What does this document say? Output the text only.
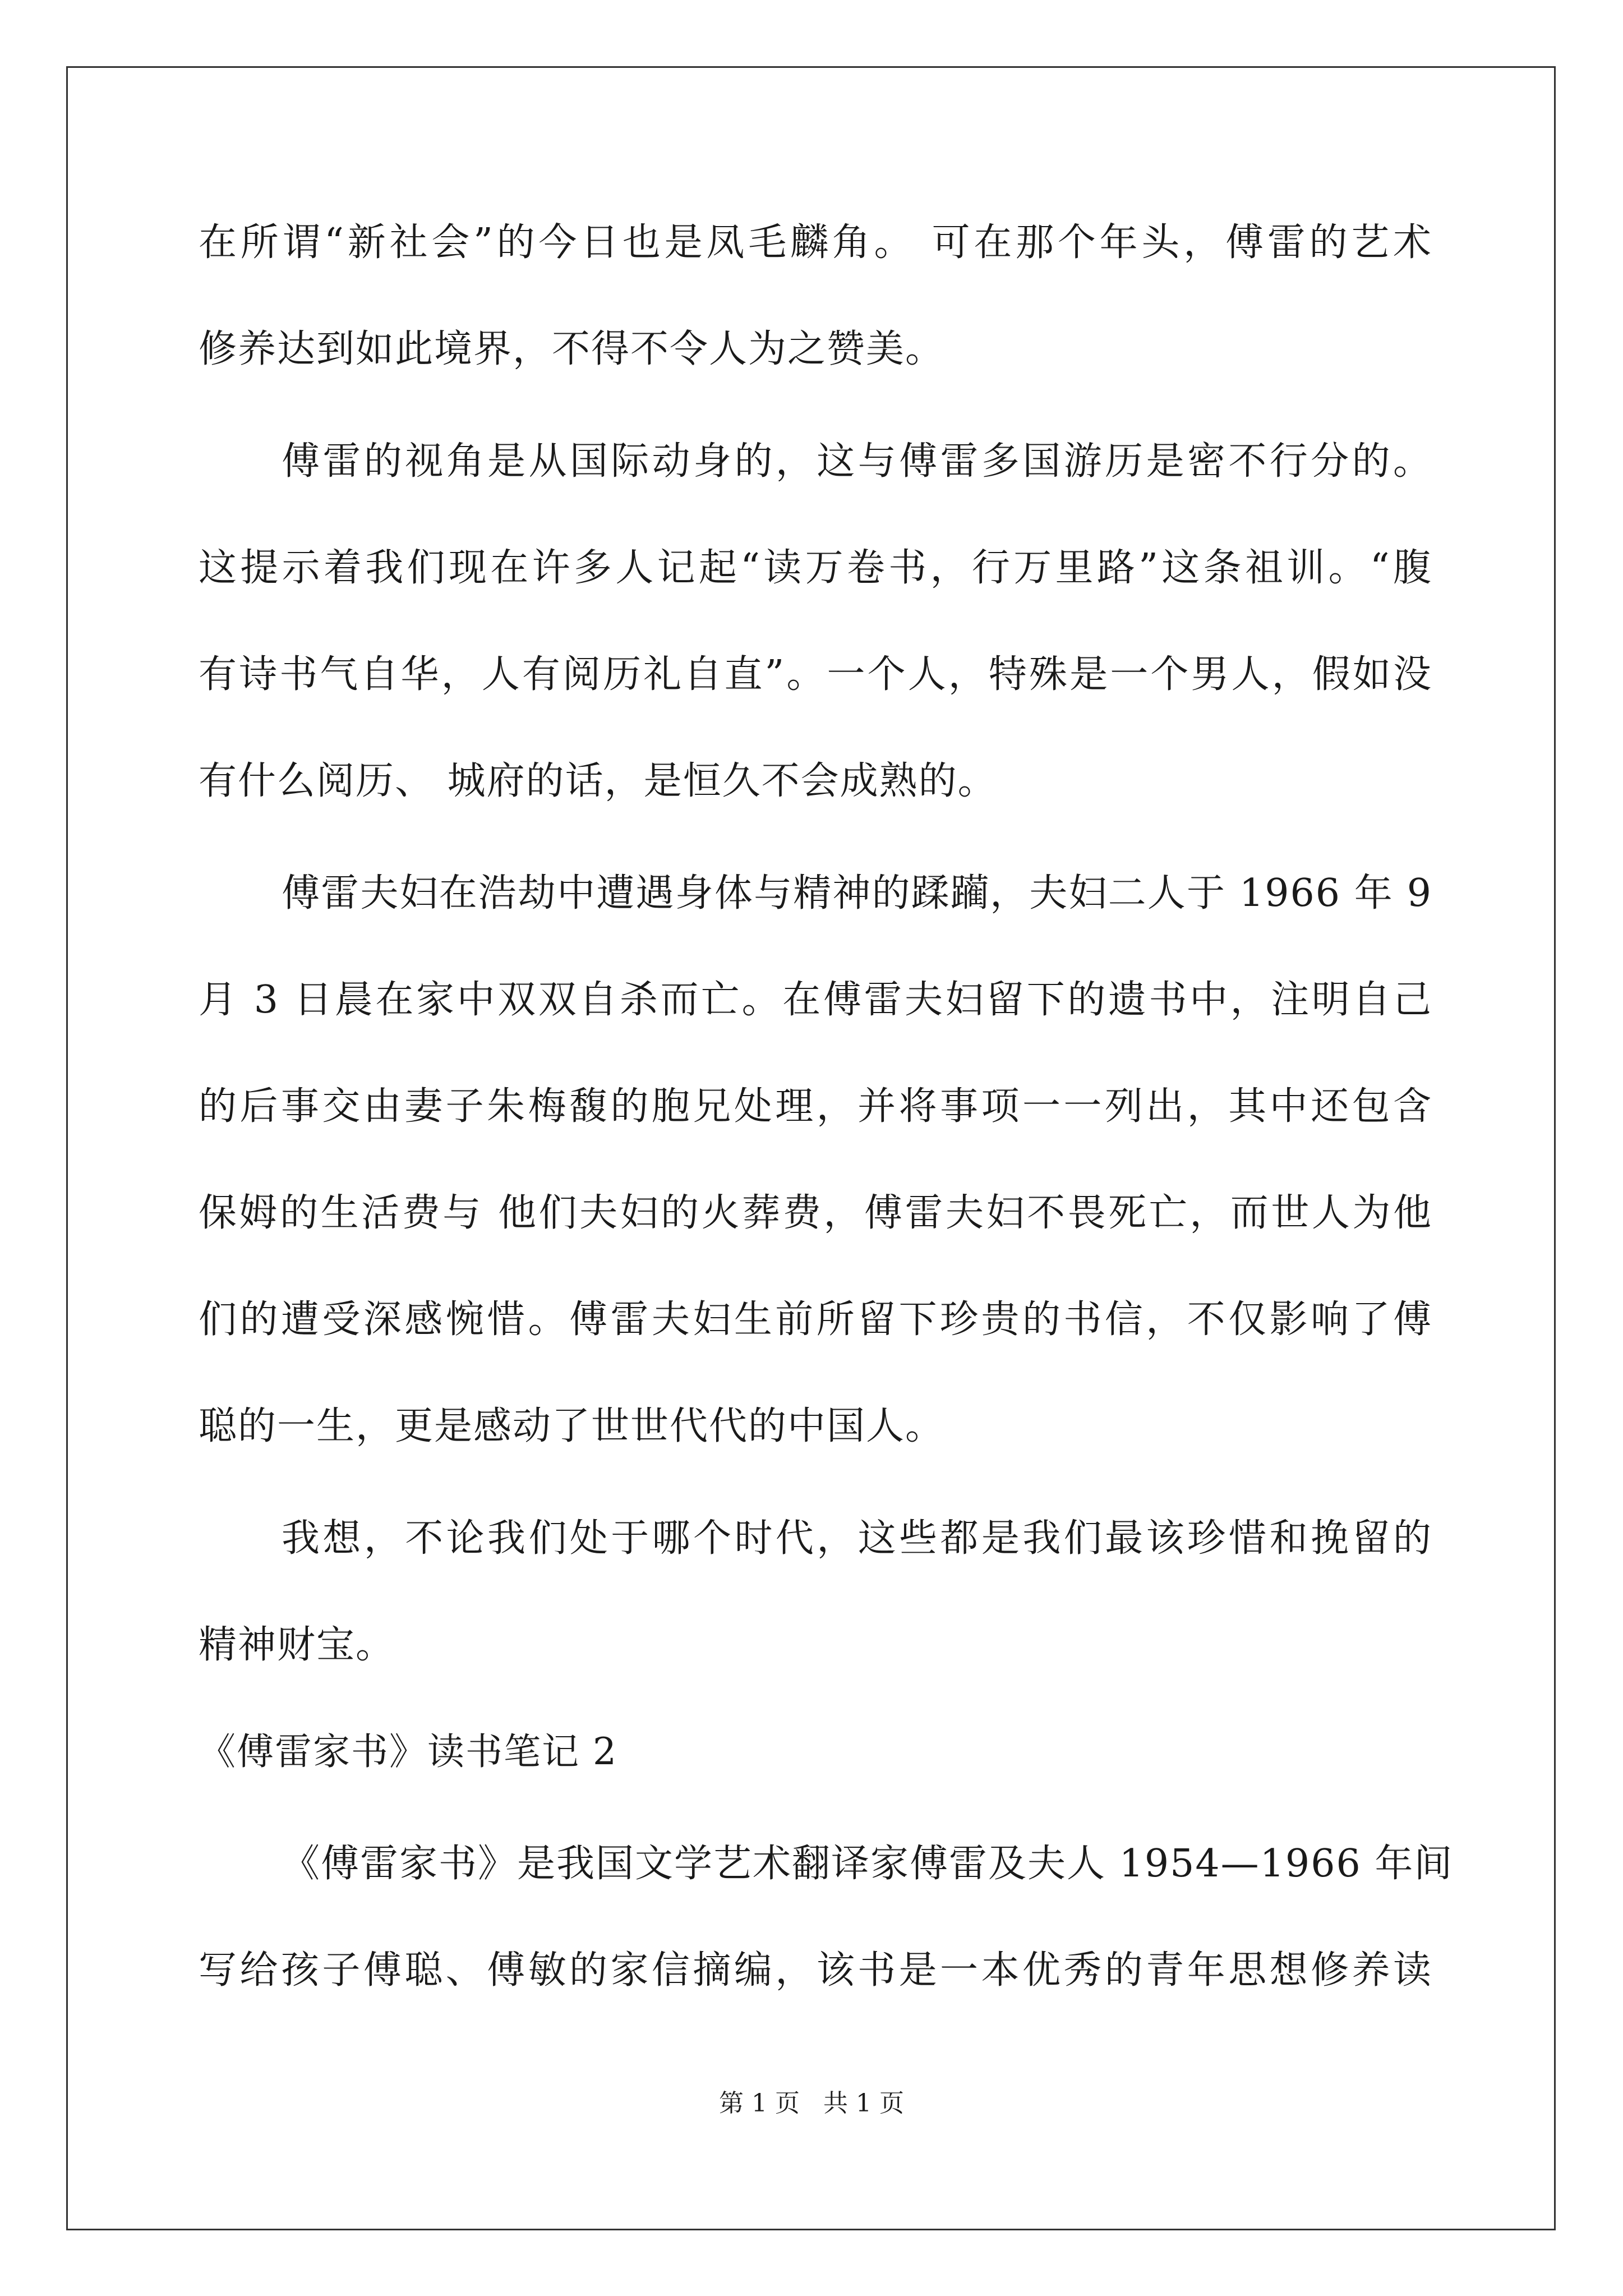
在所谓“新社会”的今日也是凤毛麟角。 可在那个年头，傅雷的艺术
修养达到如此境界，不得不令人为之赞美。
傅雷的视角是从国际动身的，这与傅雷多国游历是密不行分的。
这提示着我们现在许多人记起“读万卷书，行万里路”这条祖训。“腹
有诗书气自华，人有阅历礼自直”。一个人，特殊是一个男人，假如没
有什么阅历、 城府的话，是恒久不会成熟的。
傅雷夫妇在浩劫中遭遇身体与精神的蹂躏，夫妇二人于 1966 年 9
月 3 日晨在家中双双自杀而亡。在傅雷夫妇留下的遗书中，注明自己
的后事交由妻子朱梅馥的胞兄处理，并将事项一一列出，其中还包含
保姆的生活费与 他们夫妇的火葬费，傅雷夫妇不畏死亡，而世人为他
们的遭受深感惋惜。傅雷夫妇生前所留下珍贵的书信，不仅影响了傅
聪的一生，更是感动了世世代代的中国人。
我想，不论我们处于哪个时代，这些都是我们最该珍惜和挽留的
精神财宝。
《傅雷家书》读书笔记 2
《傅雷家书》是我国文学艺术翻译家傅雷及夫人 1954—1966 年间
写给孩子傅聪、傅敏的家信摘编，该书是一本优秀的青年思想修养读
第 1 页 共 1 页
